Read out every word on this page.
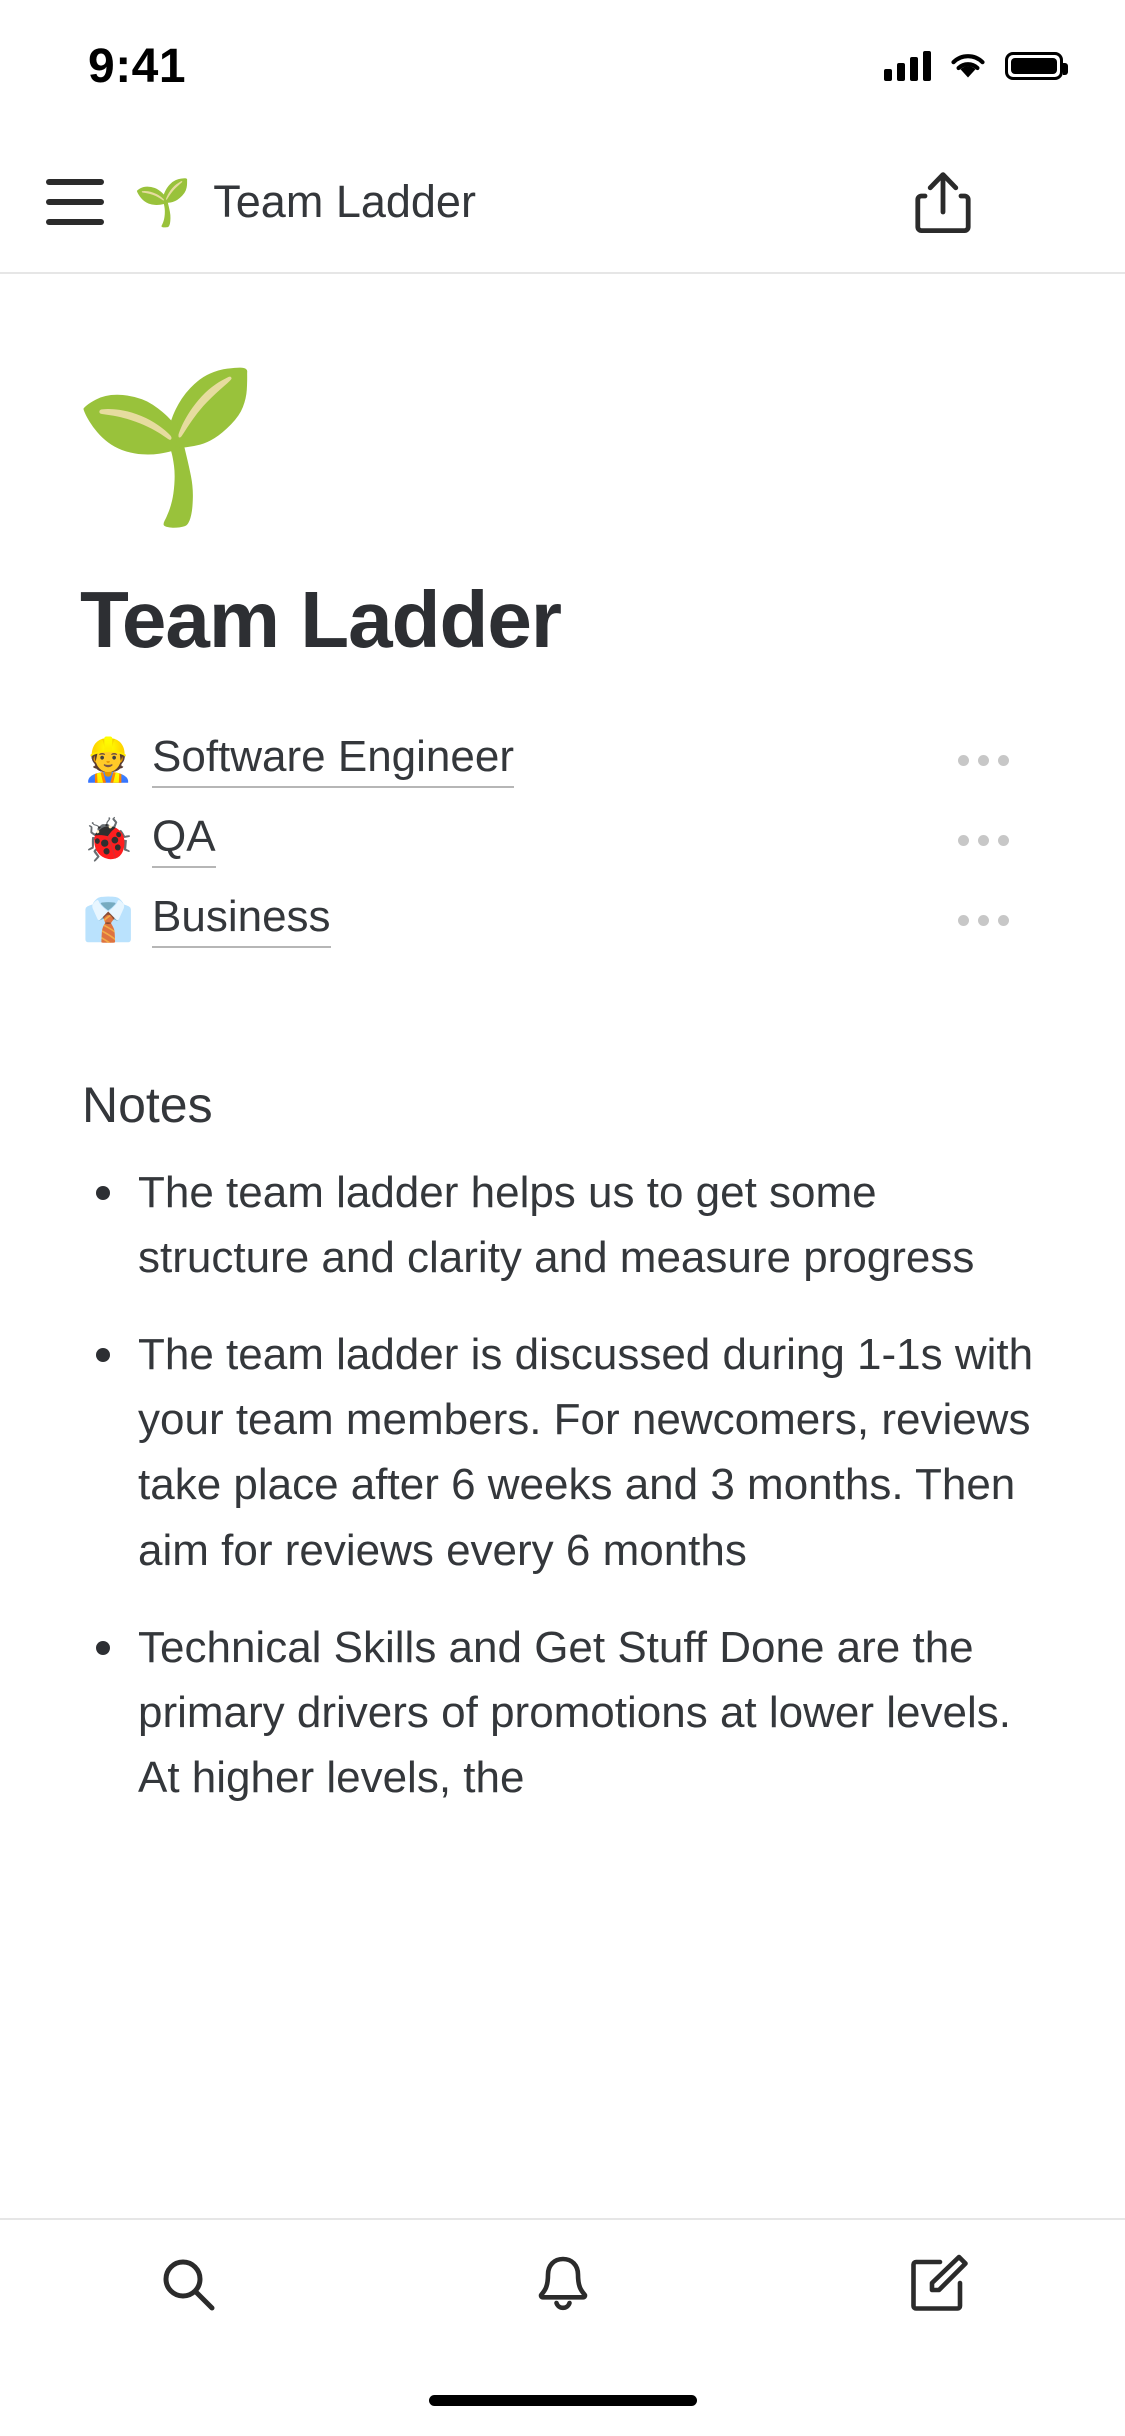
9:41
🌱 Team Ladder
🌱
Team Ladder
👷 Software Engineer
🐞 QA
👔 Business
Notes
The team ladder helps us to get some structure and clarity and measure progress
The team ladder is discussed during 1-1s with your team members. For newcomers, reviews take place after 6 weeks and 3 months. Then aim for reviews every 6 months
Technical Skills and Get Stuff Done are the primary drivers of promotions at lower levels. At higher levels, the
